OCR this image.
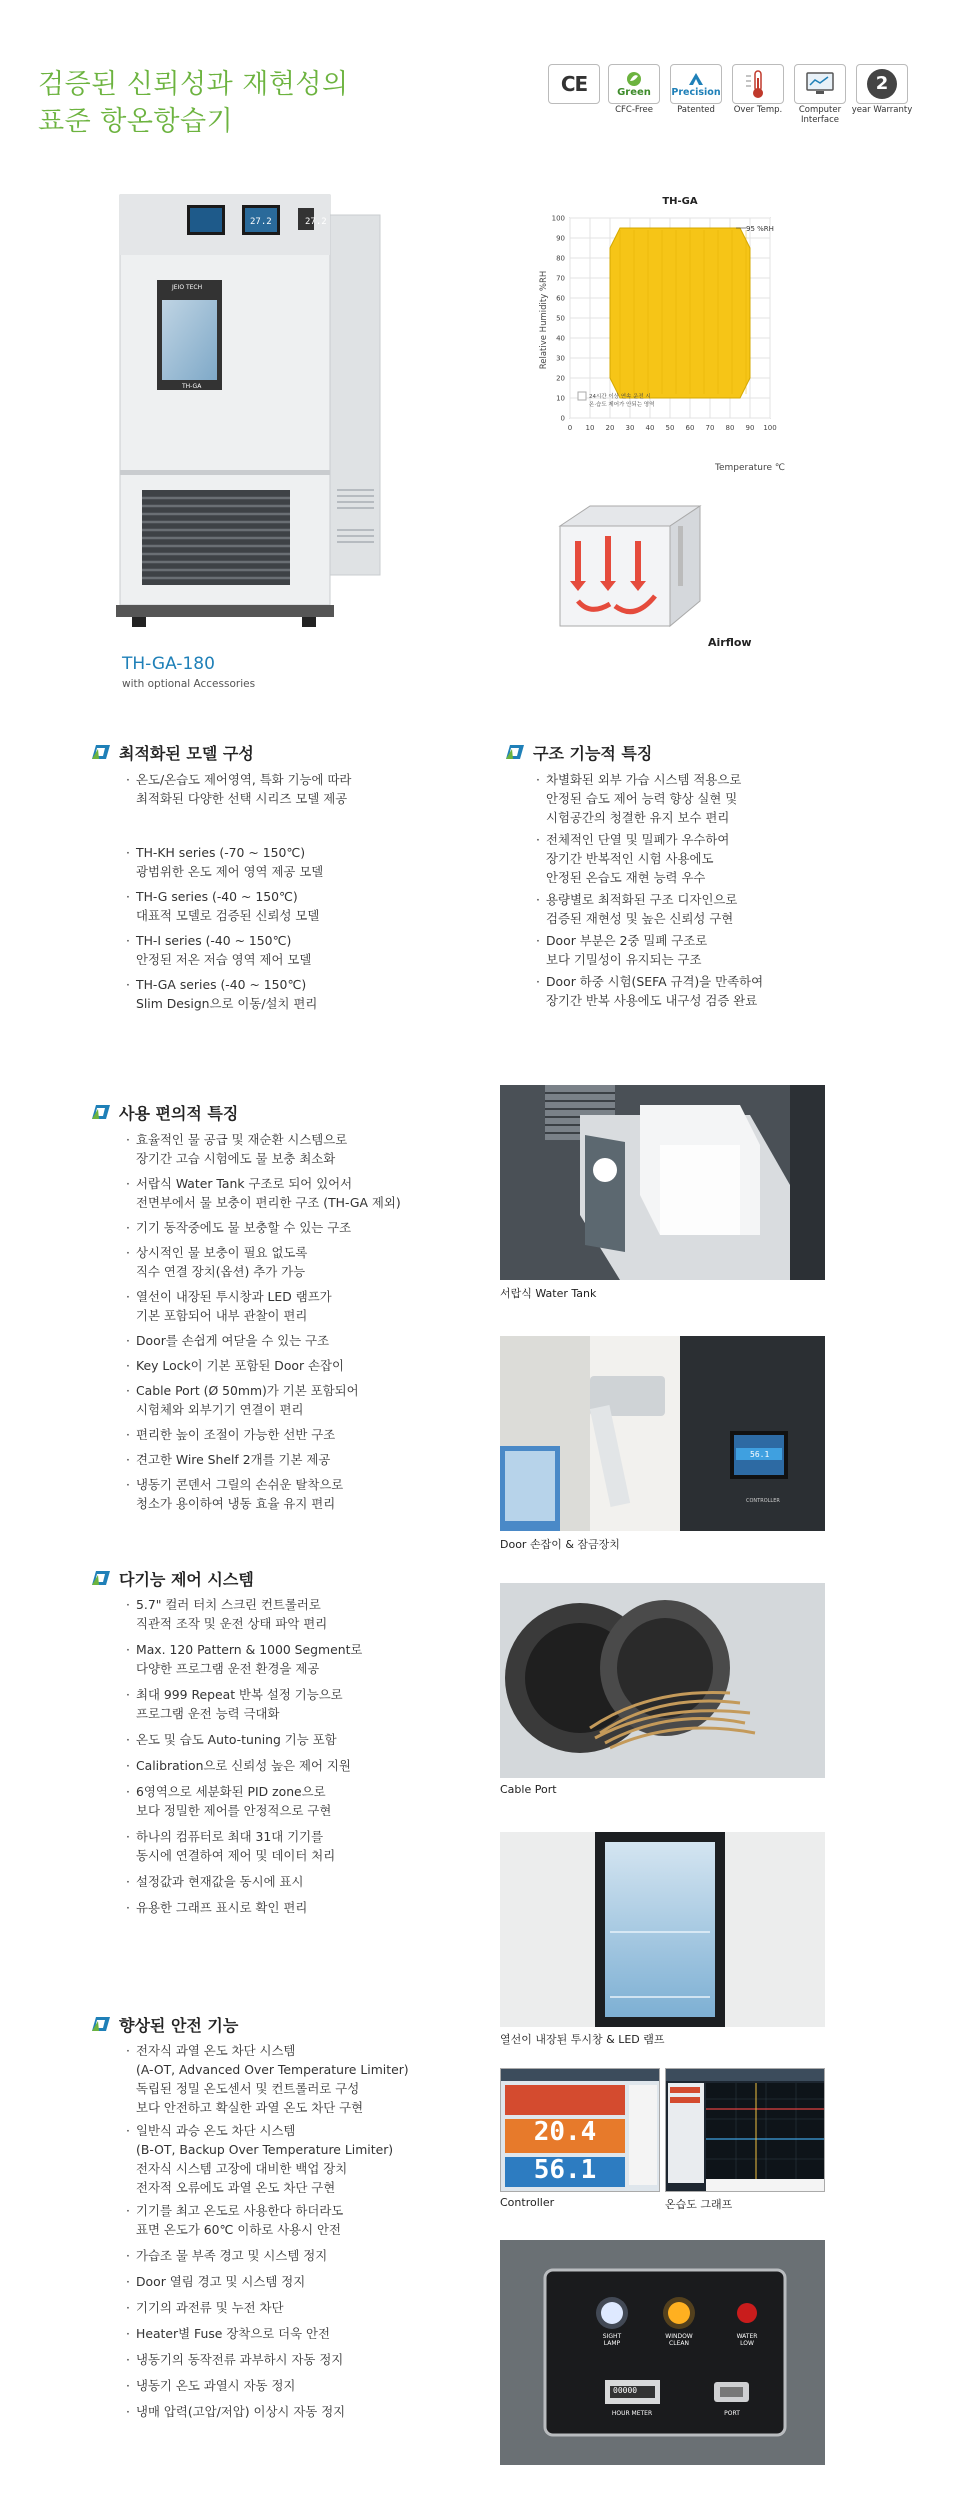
검증된 신뢰성과 재현성의
표준 항온항습기
CE	Green
CFC-Free
Precision
Patented	Over Temp.	Computer Interface
2
year Warranty
27.2
27.2
JEIO TECH
TH-GA
TH-GA-180
with optional Accessories
TH-GA
Relative Humidity %RH
Temperature ℃
95 %RH
24시간 이상 연속 운전 시
온·습도 제어가 안되는 영역
0 10 20 30 40 50 60 70 80 90 100
0
10
20
30
40
50
60
70
80
90
100
Airflow
최적화된 모델 구성
· 온도/온습도 제어영역, 특화 기능에 따라
최적화된 다양한 선택 시리즈 모델 제공
· TH-KH series (-70 ~ 150℃)
광범위한 온도 제어 영역 제공 모델
· TH-G series (-40 ~ 150℃)
대표적 모델로 검증된 신뢰성 모델
· TH-I series (-40 ~ 150℃)
안정된 저온 저습 영역 제어 모델
· TH-GA series (-40 ~ 150℃)
Slim Design으로 이동/설치 편리
구조 기능적 특징
· 차별화된 외부 가습 시스템 적용으로
안정된 습도 제어 능력 향상 실현 및
시험공간의 청결한 유지 보수 편리
· 전체적인 단열 및 밀폐가 우수하여
장기간 반복적인 시험 사용에도
안정된 온습도 재현 능력 우수
· 용량별로 최적화된 구조 디자인으로
검증된 재현성 및 높은 신뢰성 구현
· Door 부분은 2중 밀폐 구조로
보다 기밀성이 유지되는 구조
· Door 하중 시험(SEFA 규격)을 만족하여
장기간 반복 사용에도 내구성 검증 완료
사용 편의적 특징
· 효율적인 물 공급 및 재순환 시스템으로
장기간 고습 시험에도 물 보충 최소화
· 서랍식 Water Tank 구조로 되어 있어서
전면부에서 물 보충이 편리한 구조 (TH-GA 제외)
· 기기 동작중에도 물 보충할 수 있는 구조
· 상시적인 물 보충이 필요 없도록
직수 연결 장치(옵션) 추가 가능
· 열선이 내장된 투시창과 LED 램프가
기본 포함되어 내부 관찰이 편리
· Door를 손쉽게 여닫을 수 있는 구조
· Key Lock이 기본 포함된 Door 손잡이
· Cable Port (Ø 50mm)가 기본 포함되어
시험체와 외부기기 연결이 편리
· 편리한 높이 조절이 가능한 선반 구조
· 견고한 Wire Shelf 2개를 기본 제공
· 냉동기 콘덴서 그릴의 손쉬운 탈착으로
청소가 용이하여 냉동 효율 유지 편리
다기능 제어 시스템
· 5.7" 컬러 터치 스크린 컨트롤러로
직관적 조작 및 운전 상태 파악 편리
· Max. 120 Pattern & 1000 Segment로
다양한 프로그램 운전 환경을 제공
· 최대 999 Repeat 반복 설정 기능으로
프로그램 운전 능력 극대화
· 온도 및 습도 Auto-tuning 기능 포함
· Calibration으로 신뢰성 높은 제어 지원
· 6영역으로 세분화된 PID zone으로
보다 정밀한 제어를 안정적으로 구현
· 하나의 컴퓨터로 최대 31대 기기를
동시에 연결하여 제어 및 데이터 처리
· 설정값과 현재값을 동시에 표시
· 유용한 그래프 표시로 확인 편리
향상된 안전 기능
· 전자식 과열 온도 차단 시스템
(A-OT, Advanced Over Temperature Limiter)
독립된 정밀 온도센서 및 컨트롤러로 구성
보다 안전하고 확실한 과열 온도 차단 구현
· 일반식 과승 온도 차단 시스템
(B-OT, Backup Over Temperature Limiter)
전자식 시스템 고장에 대비한 백업 장치
전자적 오류에도 과열 온도 차단 구현
· 기기를 최고 온도로 사용한다 하더라도
표면 온도가 60℃ 이하로 사용시 안전
· 가습조 물 부족 경고 및 시스템 정지
· Door 열림 경고 및 시스템 정지
· 기기의 과전류 및 누전 차단
· Heater별 Fuse 장착으로 더욱 안전
· 냉동기의 동작전류 과부하시 자동 정지
· 냉동기 온도 과열시 자동 정지
· 냉매 압력(고압/저압) 이상시 자동 정지
서랍식 Water Tank
56.1
CONTROLLER
Door 손잡이 & 잠금장치
Cable Port
열선이 내장된 투시창 & LED 램프
20.4
56.1
Controller	온습도 그래프
SIGHT
LAMP
WINDOW
CLEAN
WATER
LOW
00000
HOUR METER	PORT
